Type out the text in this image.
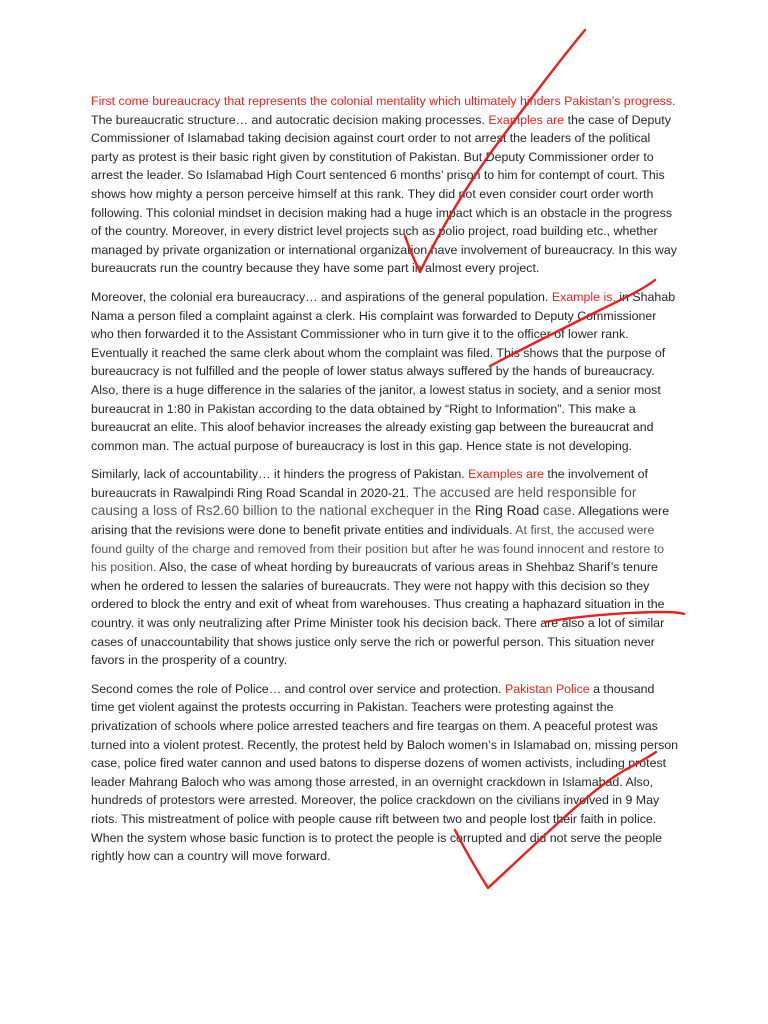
First come bureaucracy that represents the colonial mentality which ultimately hinders Pakistan’s progress. The bureaucratic structure… and autocratic decision making processes. Examples are the case of Deputy Commissioner of Islamabad taking decision against court order to not arrest the leaders of the political party as protest is their basic right given by constitution of Pakistan. But Deputy Commissioner order to arrest the leader. So Islamabad High Court sentenced 6 months’ prison to him for contempt of court. This shows how mighty a person perceive himself at this rank. They did not even consider court order worth following. This colonial mindset in decision making had a huge impact which is an obstacle in the progress of the country. Moreover, in every district level projects such as polio project, road building etc., whether managed by private organization or international organization have involvement of bureaucracy. In this way bureaucrats run the country because they have some part in almost every project.

Moreover, the colonial era bureaucracy… and aspirations of the general population. Example is, in Shahab Nama a person filed a complaint against a clerk. His complaint was forwarded to Deputy Commissioner who then forwarded it to the Assistant Commissioner who in turn give it to the officer of lower rank. Eventually it reached the same clerk about whom the complaint was filed. This shows that the purpose of bureaucracy is not fulfilled and the people of lower status always suffered by the hands of bureaucracy. Also, there is a huge difference in the salaries of the janitor, a lowest status in society, and a senior most bureaucrat in 1:80 in Pakistan according to the data obtained by “Right to Information”. This make a bureaucrat an elite. This aloof behavior increases the already existing gap between the bureaucrat and common man. The actual purpose of bureaucracy is lost in this gap. Hence state is not developing.

Similarly, lack of accountability… it hinders the progress of Pakistan. Examples are the involvement of bureaucrats in Rawalpindi Ring Road Scandal in 2020-21. The accused are held responsible for causing a loss of Rs2.60 billion to the national exchequer in the Ring Road case. Allegations were arising that the revisions were done to benefit private entities and individuals. At first, the accused were found guilty of the charge and removed from their position but after he was found innocent and restore to his position. Also, the case of wheat hording by bureaucrats of various areas in Shehbaz Sharif’s tenure when he ordered to lessen the salaries of bureaucrats. They were not happy with this decision so they ordered to block the entry and exit of wheat from warehouses. Thus creating a haphazard situation in the country. it was only neutralizing after Prime Minister took his decision back. There are also a lot of similar cases of unaccountability that shows justice only serve the rich or powerful person. This situation never favors in the prosperity of a country.

Second comes the role of Police… and control over service and protection. Pakistan Police a thousand time get violent against the protests occurring in Pakistan. Teachers were protesting against the privatization of schools where police arrested teachers and fire teargas on them. A peaceful protest was turned into a violent protest. Recently, the protest held by Baloch women’s in Islamabad on, missing person case, police fired water cannon and used batons to disperse dozens of women activists, including protest leader Mahrang Baloch who was among those arrested, in an overnight crackdown in Islamabad. Also, hundreds of protestors were arrested. Moreover, the police crackdown on the civilians involved in 9 May riots. This mistreatment of police with people cause rift between two and people lost their faith in police. When the system whose basic function is to protect the people is corrupted and did not serve the people rightly how can a country will move forward.
